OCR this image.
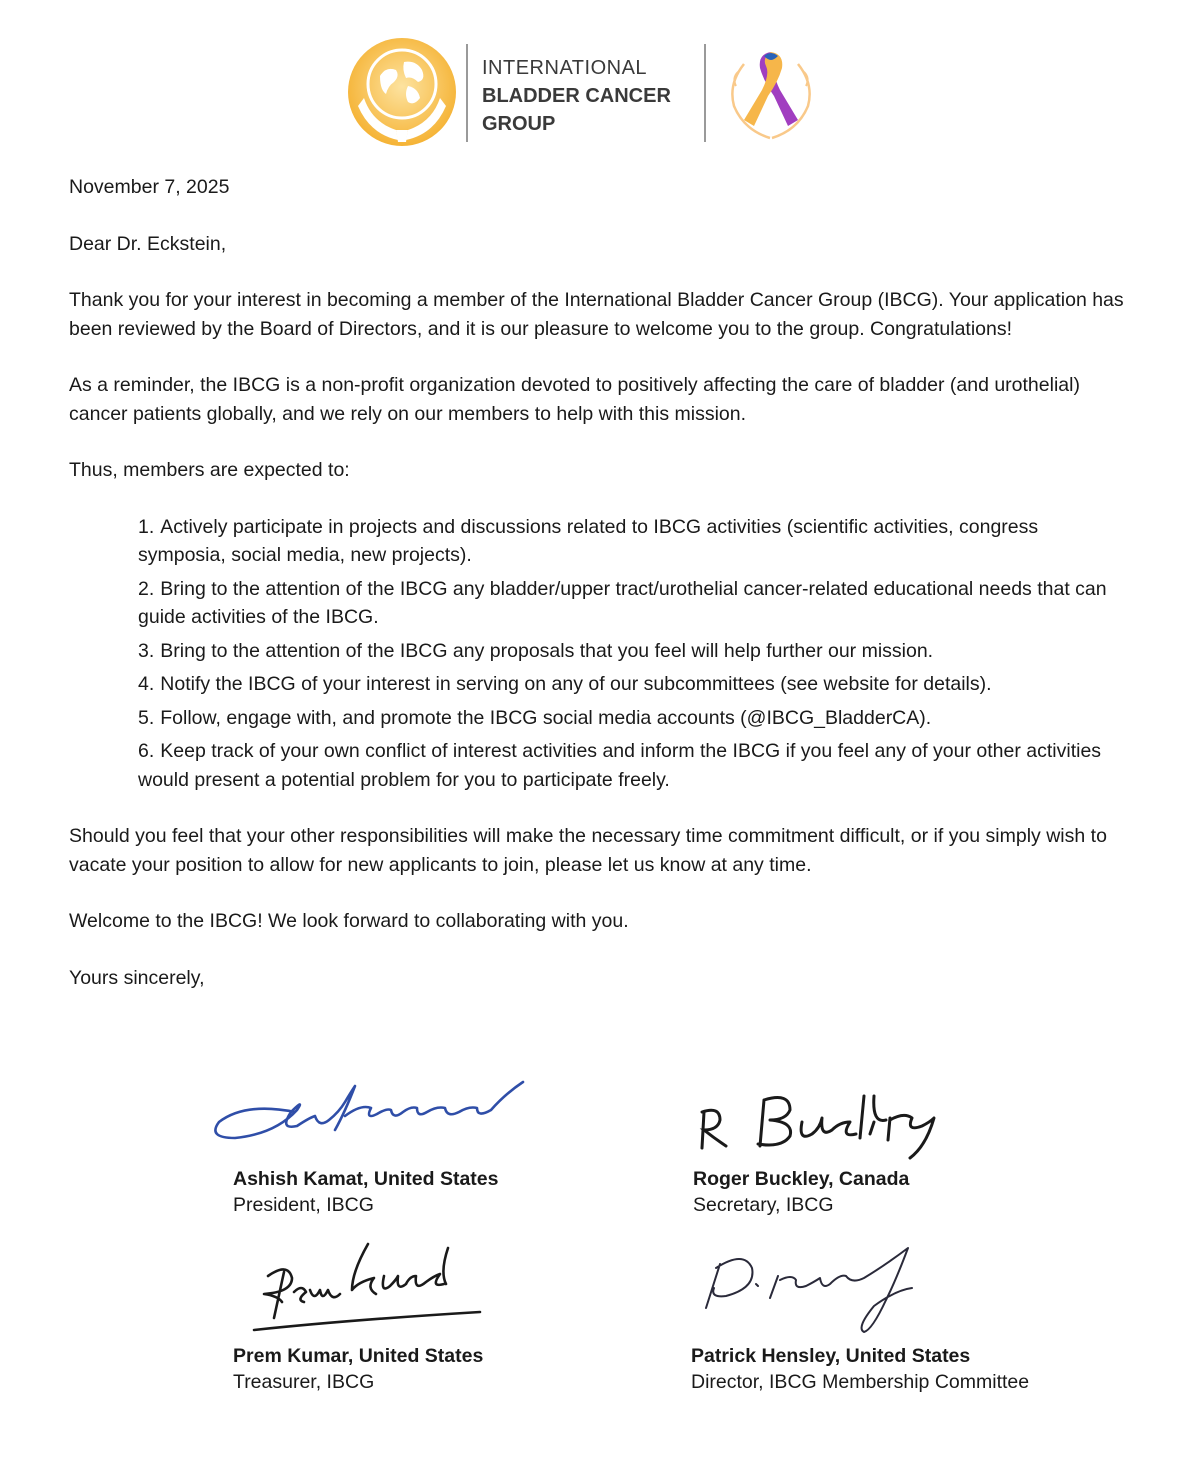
INTERNATIONAL
BLADDER CANCER
GROUP

November 7, 2025

Dear Dr. Eckstein,

Thank you for your interest in becoming a member of the International Bladder Cancer Group (IBCG). Your application has been reviewed by the Board of Directors, and it is our pleasure to welcome you to the group. Congratulations!

As a reminder, the IBCG is a non-profit organization devoted to positively affecting the care of bladder (and urothelial) cancer patients globally, and we rely on our members to help with this mission.

Thus, members are expected to:

1. Actively participate in projects and discussions related to IBCG activities (scientific activities, congress symposia, social media, new projects).
2. Bring to the attention of the IBCG any bladder/upper tract/urothelial cancer-related educational needs that can guide activities of the IBCG.
3. Bring to the attention of the IBCG any proposals that you feel will help further our mission.
4. Notify the IBCG of your interest in serving on any of our subcommittees (see website for details).
5. Follow, engage with, and promote the IBCG social media accounts (@IBCG_BladderCA).
6. Keep track of your own conflict of interest activities and inform the IBCG if you feel any of your other activities would present a potential problem for you to participate freely.

Should you feel that your other responsibilities will make the necessary time commitment difficult, or if you simply wish to vacate your position to allow for new applicants to join, please let us know at any time.

Welcome to the IBCG! We look forward to collaborating with you.

Yours sincerely,

Ashish Kamat, United States
President, IBCG
Roger Buckley, Canada
Secretary, IBCG
Prem Kumar, United States
Treasurer, IBCG
Patrick Hensley, United States
Director, IBCG Membership Committee
